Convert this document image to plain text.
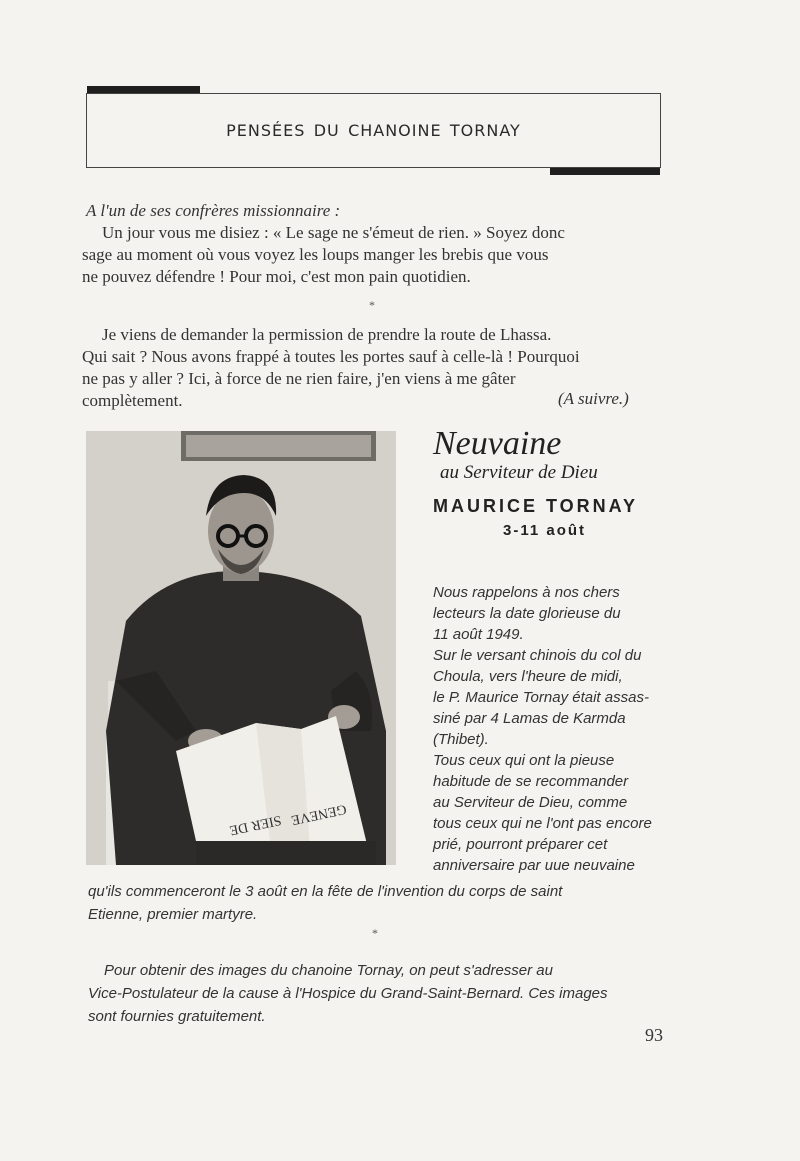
pensées du chanoine tornay
A l'un de ses confrères missionnaire :
Un jour vous me disiez : « Le sage ne s'émeut de rien. » Soyez donc
sage au moment où vous voyez les loups manger les brebis que vous
ne pouvez défendre ! Pour moi, c'est mon pain quotidien.
*
Je viens de demander la permission de prendre la route de Lhassa.
Qui sait ? Nous avons frappé à toutes les portes sauf à celle-là ! Pourquoi
ne pas y aller ? Ici, à force de ne rien faire, j'en viens à me gâter
complètement.	(A suivre.)
SIER DE GENEVE
Neuvaine
au Serviteur de Dieu
MAURICE TORNAY
3-11 août
Nous rappelons à nos chers
lecteurs la date glorieuse du
11 août 1949.
Sur le versant chinois du col du
Choula, vers l'heure de midi,
le P. Maurice Tornay était assas-
siné par 4 Lamas de Karmda
(Thibet).
Tous ceux qui ont la pieuse
habitude de se recommander
au Serviteur de Dieu, comme
tous ceux qui ne l'ont pas encore
prié, pourront préparer cet
anniversaire par uue neuvaine
qu'ils commenceront le 3 août en la fête de l'invention du corps de saint
Etienne, premier martyre.
*
Pour obtenir des images du chanoine Tornay, on peut s'adresser au
Vice-Postulateur de la cause à l'Hospice du Grand-Saint-Bernard. Ces images
sont fournies gratuitement.
93
